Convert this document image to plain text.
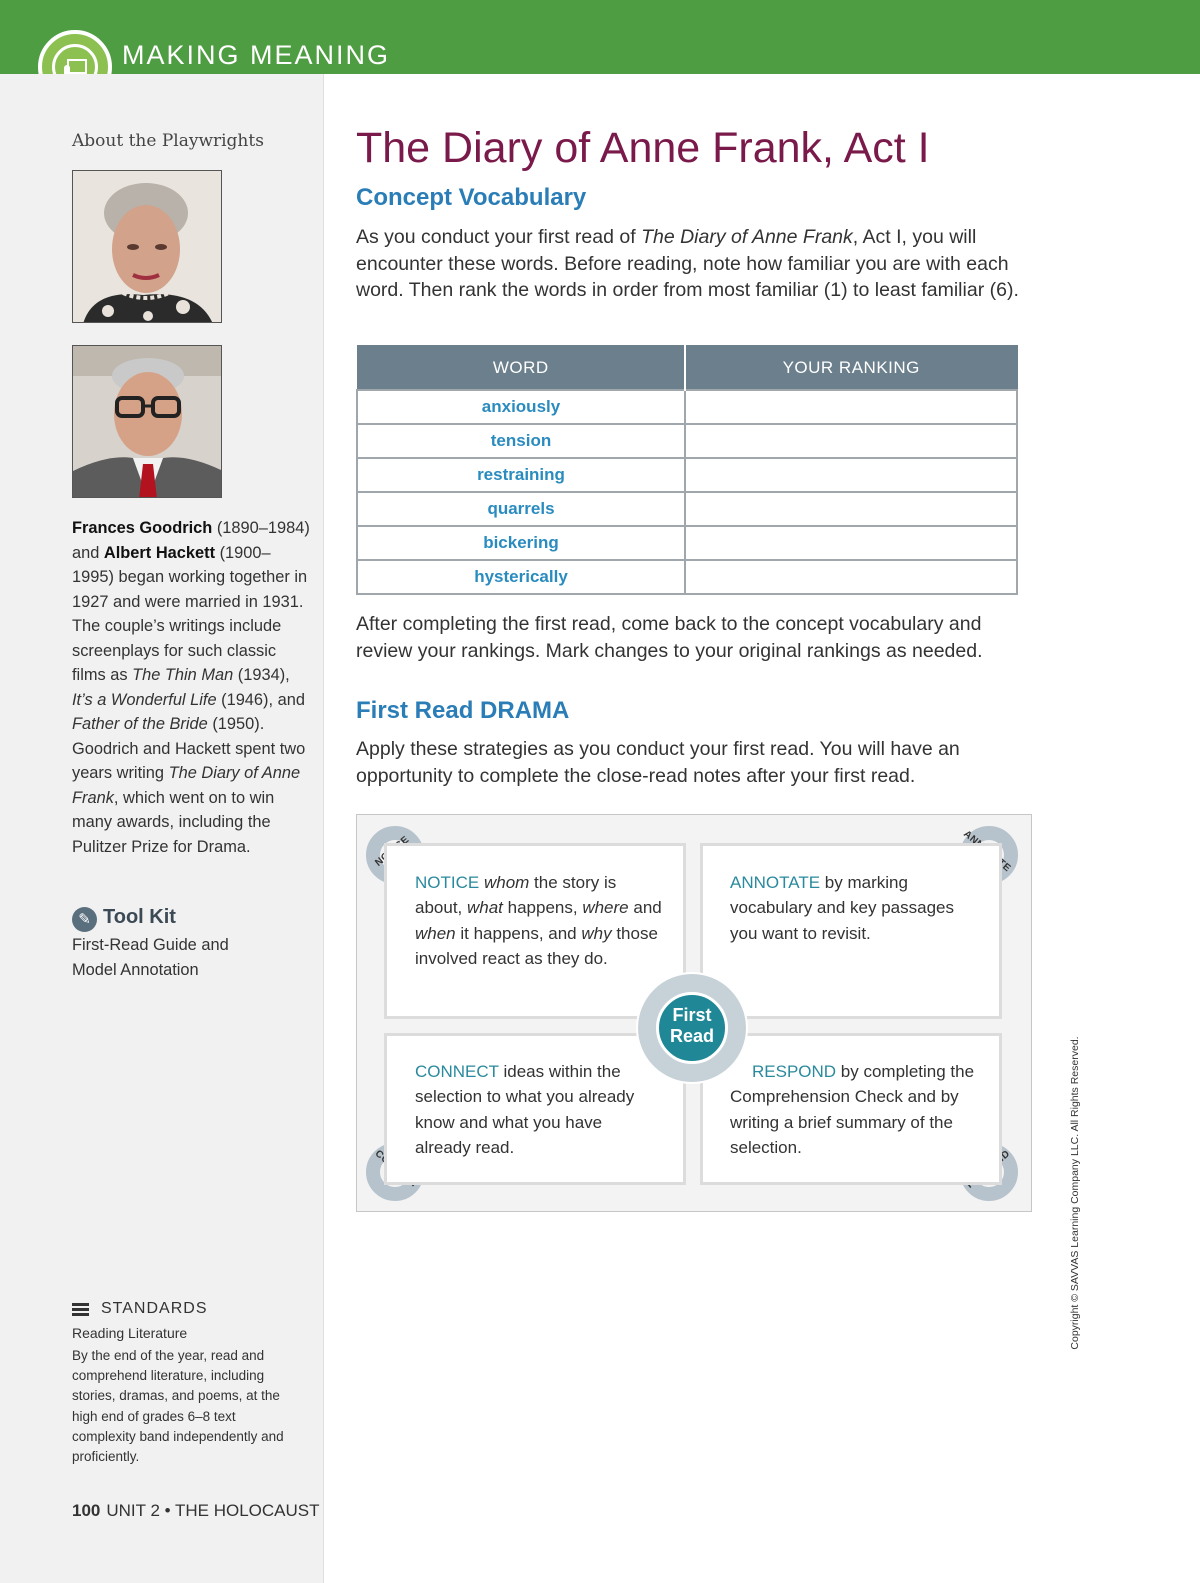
MAKING MEANING
About the Playwrights
Frances Goodrich (1890–1984) and Albert Hackett (1900–1995) began working together in 1927 and were married in 1931. The couple’s writings include screenplays for such classic films as The Thin Man (1934), It’s a Wonderful Life (1946), and Father of the Bride (1950). Goodrich and Hackett spent two years writing The Diary of Anne Frank, which went on to win many awards, including the Pulitzer Prize for Drama.
✎ Tool Kit
First-Read Guide and
Model Annotation
STANDARDS
Reading Literature
By the end of the year, read and comprehend literature, including stories, dramas, and poems, at the high end of grades 6–8 text complexity band independently and proficiently.
100 UNIT 2 • THE HOLOCAUST
The Diary of Anne Frank, Act I
Concept Vocabulary
As you conduct your first read of The Diary of Anne Frank, Act I, you will encounter these words. Before reading, note how familiar you are with each word. Then rank the words in order from most familiar (1) to least familiar (6).
WORD	YOUR RANKING
anxiously	
tension	
restraining	
quarrels	
bickering	
hysterically	
After completing the first read, come back to the concept vocabulary and review your rankings. Mark changes to your original rankings as needed.
First Read DRAMA
Apply these strategies as you conduct your first read. You will have an opportunity to complete the close-read notes after your first read.
NOTICE whom the story is about, what happens, where and when it happens, and why those involved react as they do.
ANNOTATE by marking vocabulary and key passages you want to revisit.
CONNECT ideas within the selection to what you already know and what you have already read.
RESPOND by completing the Comprehension Check and by writing a brief summary of the selection.
First
Read
Copyright © SAVVAS Learning Company LLC. All Rights Reserved.
